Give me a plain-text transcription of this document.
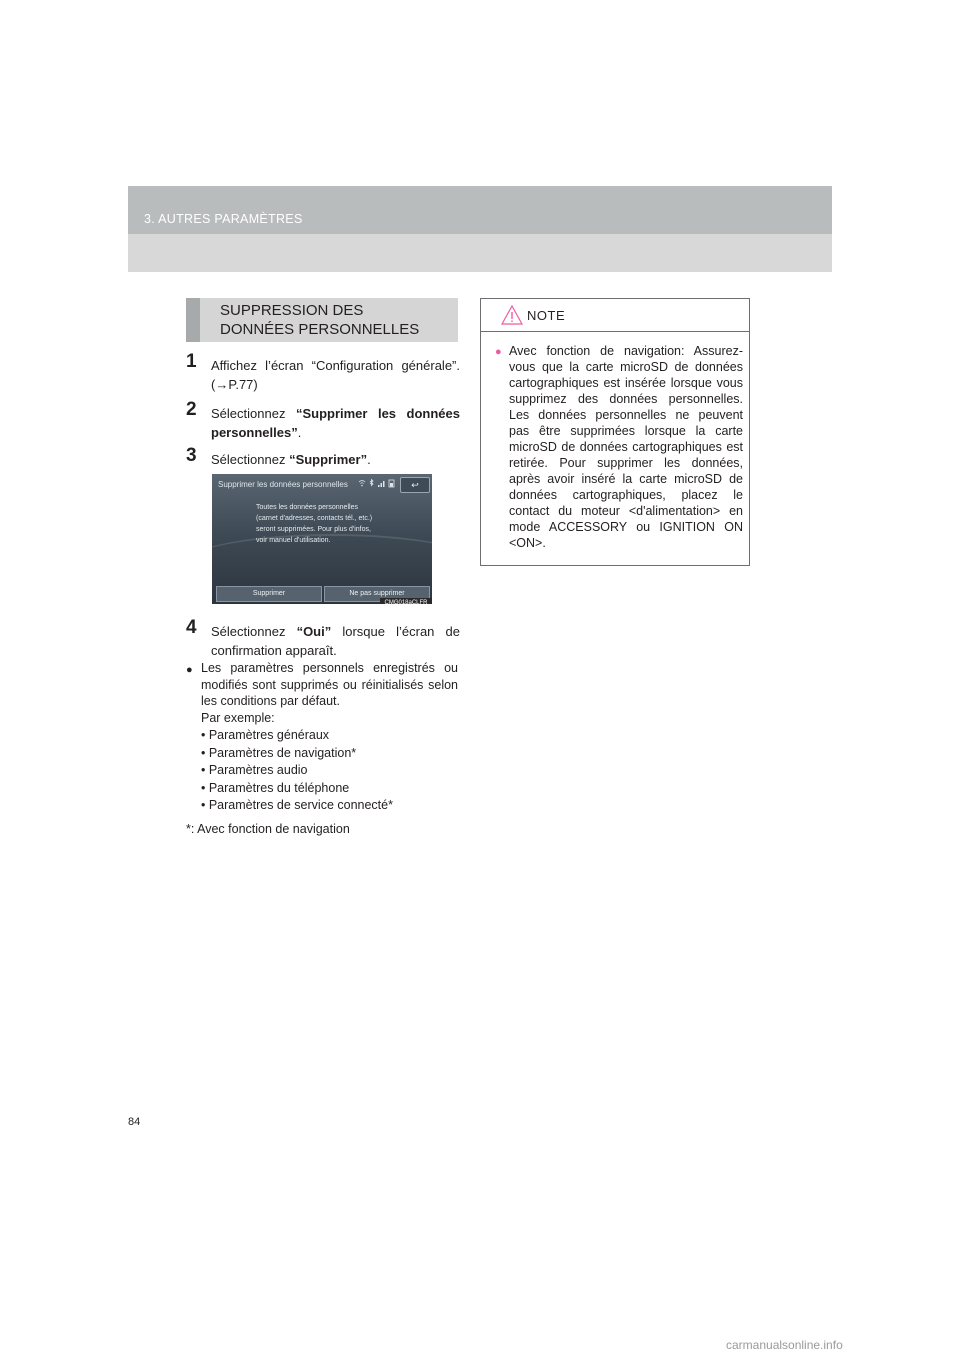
3. AUTRES PARAMÈTRES
SUPPRESSION DES
DONNÉES PERSONNELLES
1 Affichez l’écran “Configuration générale”. (→P.77)
2 Sélectionnez “Supprimer les données personnelles”.
3 Sélectionnez “Supprimer”.
Supprimer les données personnelles	↩
Toutes les données personnelles
(carnet d'adresses, contacts tél., etc.)
seront supprimées. Pour plus d'infos,
voir manuel d'utilisation.
Supprimer	Ne pas supprimer
CMG018aCLFR
4 Sélectionnez “Oui” lorsque l’écran de confirmation apparaît.
● Les paramètres personnels enregistrés ou modifiés sont supprimés ou réinitialisés selon les conditions par défaut.
Par exemple:
• Paramètres généraux
• Paramètres de navigation*
• Paramètres audio
• Paramètres du téléphone
• Paramètres de service connecté*
*: Avec fonction de navigation
NOTE
● Avec fonction de navigation: Assurez-vous que la carte microSD de données cartographiques est insérée lorsque vous supprimez des données personnelles. Les données personnelles ne peuvent pas être supprimées lorsque la carte microSD de données cartographiques est retirée. Pour supprimer les données, après avoir inséré la carte microSD de données cartographiques, placez le contact du moteur <d'alimentation> en mode ACCESSORY ou IGNITION ON <ON>.
84
carmanualsonline.info
